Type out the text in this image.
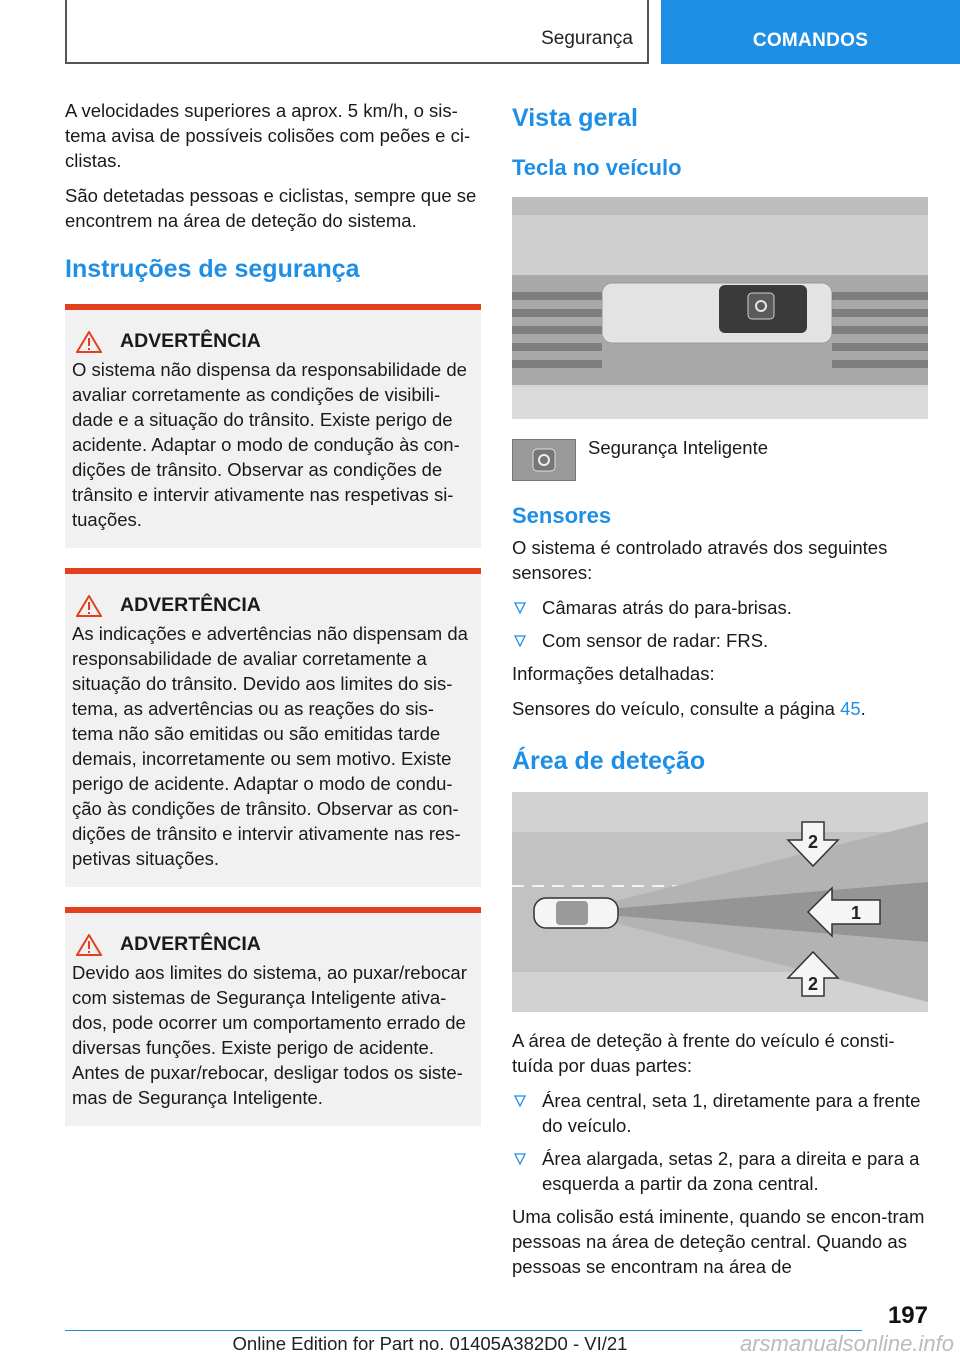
Segurança	COMANDOS

A velocidades superiores a aprox. 5 km/h, o sis-tema avisa de possíveis colisões com peões e ci-clistas.

São detetadas pessoas e ciclistas, sempre que se encontrem na área de deteção do sistema.

Instruções de segurança
ADVERTÊNCIA

O sistema não dispensa da responsabilidade de avaliar corretamente as condições de visibili-dade e a situação do trânsito. Existe perigo de acidente. Adaptar o modo de condução às con-dições de trânsito. Observar as condições de trânsito e intervir ativamente nas respetivas si-tuações.

ADVERTÊNCIA

As indicações e advertências não dispensam da responsabilidade de avaliar corretamente a situação do trânsito. Devido aos limites do sis-tema, as advertências ou as reações do sis-tema não são emitidas ou são emitidas tarde demais, incorretamente ou sem motivo. Existe perigo de acidente. Adaptar o modo de condu-ção às condições de trânsito. Observar as con-dições de trânsito e intervir ativamente nas res-petivas situações.

ADVERTÊNCIA

Devido aos limites do sistema, ao puxar/rebocar com sistemas de Segurança Inteligente ativa-dos, pode ocorrer um comportamento errado de diversas funções. Existe perigo de acidente. Antes de puxar/rebocar, desligar todos os siste-mas de Segurança Inteligente.

Vista geral
Tecla no veículo
Segurança Inteligente
Sensores

O sistema é controlado através dos seguintes sensores:

Câmaras atrás do para-brisas.
Com sensor de radar: FRS.

Informações detalhadas:

Sensores do veículo, consulte a página 45.

Área de deteção
2
1
2

A área de deteção à frente do veículo é consti-tuída por duas partes:

Área central, seta 1, diretamente para a frente do veículo.
Área alargada, setas 2, para a direita e para a esquerda a partir da zona central.

Uma colisão está iminente, quando se encon-tram pessoas na área de deteção central. Quando as pessoas se encontram na área de

197
Online Edition for Part no. 01405A382D0 - VI/21	arsmanualsonline.info
